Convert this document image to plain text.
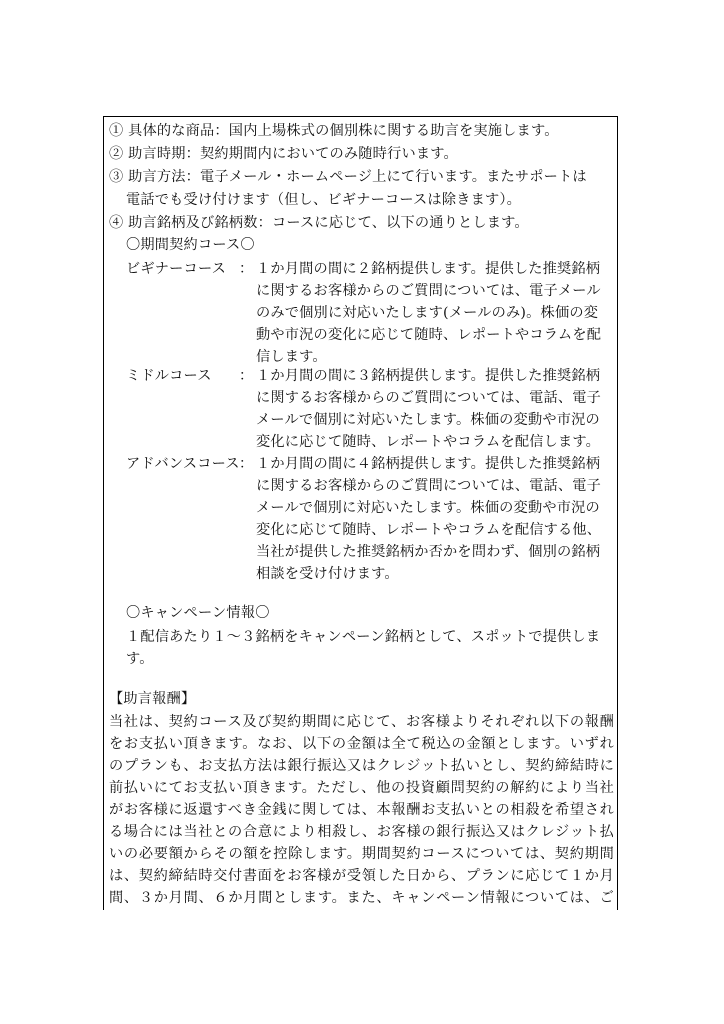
① 具体的な商品：国内上場株式の個別株に関する助言を実施します。
② 助言時期：契約期間内においてのみ随時行います。
③ 助言方法：電子メール・ホームページ上にて行います。またサポートは
電話でも受け付けます（但し、ビギナーコースは除きます）。
④ 助言銘柄及び銘柄数：コースに応じて、以下の通りとします。
〇期間契約コース〇
ビギナーコース ： １か月間の間に２銘柄提供します。提供した推奨銘柄
に関するお客様からのご質問については、電子メール
のみで個別に対応いたします(メールのみ)。株価の変
動や市況の変化に応じて随時、レポートやコラムを配
信します。
ミドルコース ： １か月間の間に３銘柄提供します。提供した推奨銘柄
に関するお客様からのご質問については、電話、電子
メールで個別に対応いたします。株価の変動や市況の
変化に応じて随時、レポートやコラムを配信します。
アドバンスコース ： １か月間の間に４銘柄提供します。提供した推奨銘柄
に関するお客様からのご質問については、電話、電子
メールで個別に対応いたします。株価の変動や市況の
変化に応じて随時、レポートやコラムを配信する他、
当社が提供した推奨銘柄か否かを問わず、個別の銘柄
相談を受け付けます。
〇キャンペーン情報〇
１配信あたり１～３銘柄をキャンペーン銘柄として、スポットで提供しま
す。
【助言報酬】
当社は、契約コース及び契約期間に応じて、お客様よりそれぞれ以下の報酬
をお支払い頂きます。なお、以下の金額は全て税込の金額とします。いずれ
のプランも、お支払方法は銀行振込又はクレジット払いとし、契約締結時に
前払いにてお支払い頂きます。ただし、他の投資顧問契約の解約により当社
がお客様に返還すべき金銭に関しては、本報酬お支払いとの相殺を希望され
る場合には当社との合意により相殺し、お客様の銀行振込又はクレジット払
いの必要額からその額を控除します。期間契約コースについては、契約期間
は、契約締結時交付書面をお客様が受領した日から、プランに応じて１か月
間、３か月間、６か月間とします。また、キャンペーン情報については、ご
